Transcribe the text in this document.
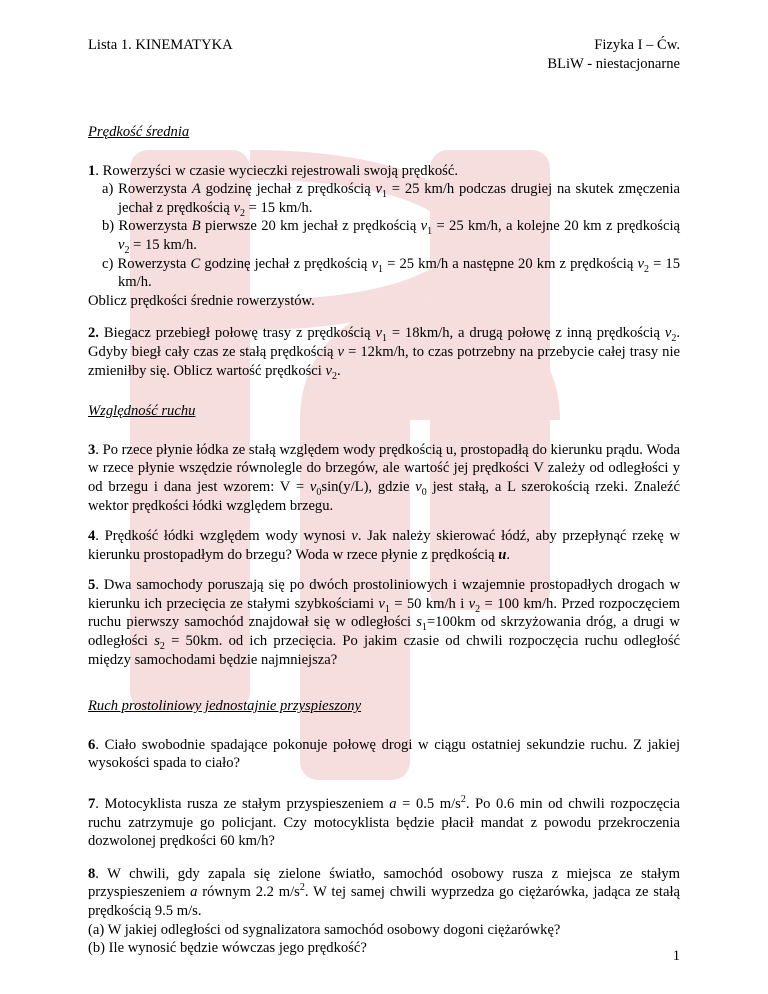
Lista 1. KINEMATYKA	Fizyka I – Ćw.
BLiW - niestacjonarne

Prędkość średnia

1. Rowerzyści w czasie wycieczki rejestrowali swoją prędkość.

a) Rowerzysta A godzinę jechał z prędkością $v_1 = 25$ km/h podczas drugiej na skutek zmęczenia jechał z prędkością $v_2 = 15$ km/h.

b) Rowerzysta B pierwsze 20 km jechał z prędkością $v_1 = 25$ km/h, a kolejne 20 km z prędkością $v_2 = 15$ km/h.

c) Rowerzysta C godzinę jechał z prędkością $v_1 = 25$ km/h a następne 20 km z prędkością $v_2 = 15$ km/h.

Oblicz prędkości średnie rowerzystów.

2. Biegacz przebiegł połowę trasy z prędkością $v_1 = 18km/h$, a drugą połowę z inną prędkością $v_2$. Gdyby biegł cały czas ze stałą prędkością v = 12km/h, to czas potrzebny na przebycie całej trasy nie zmieniłby się. Oblicz wartość prędkości $v_2$.

Względność ruchu

3. Po rzece płynie łódka ze stałą względem wody prędkością u, prostopadłą do kierunku prądu. Woda w rzece płynie wszędzie równolegle do brzegów, ale wartość jej prędkości V zależy od odległości y od brzegu i dana jest wzorem: $V = v_0\sin(y/L)$, gdzie $v_0$ jest stałą, a L szerokością rzeki. Znaleźć wektor prędkości łódki względem brzegu.

4. Prędkość łódki względem wody wynosi v. Jak należy skierować łódź, aby przepłynąć rzekę w kierunku prostopadłym do brzegu? Woda w rzece płynie z prędkością u.

5. Dwa samochody poruszają się po dwóch prostoliniowych i wzajemnie prostopadłych drogach w kierunku ich przecięcia ze stałymi szybkościami $v_1 = 50$ km/h i $v_2 = 100$ km/h. Przed rozpoczęciem ruchu pierwszy samochód znajdował się w odległości $s_1=100km$ od skrzyżowania dróg, a drugi w odległości $s_2 = 50km$. od ich przecięcia. Po jakim czasie od chwili rozpoczęcia ruchu odległość między samochodami będzie najmniejsza?

Ruch prostoliniowy jednostajnie przyspieszony

6. Ciało swobodnie spadające pokonuje połowę drogi w ciągu ostatniej sekundzie ruchu. Z jakiej wysokości spada to ciało?

7. Motocyklista rusza ze stałym przyspieszeniem a = 0.5 $m/s^2$. Po 0.6 min od chwili rozpoczęcia ruchu zatrzymuje go policjant. Czy motocyklista będzie płacił mandat z powodu przekroczenia dozwolonej prędkości 60 km/h?

8. W chwili, gdy zapala się zielone światło, samochód osobowy rusza z miejsca ze stałym przyspieszeniem a równym 2.2 $m/s^2$. W tej samej chwili wyprzedza go ciężarówka, jadąca ze stałą prędkością 9.5 m/s.

(a) W jakiej odległości od sygnalizatora samochód osobowy dogoni ciężarówkę?

(b) Ile wynosić będzie wówczas jego prędkość?	1
